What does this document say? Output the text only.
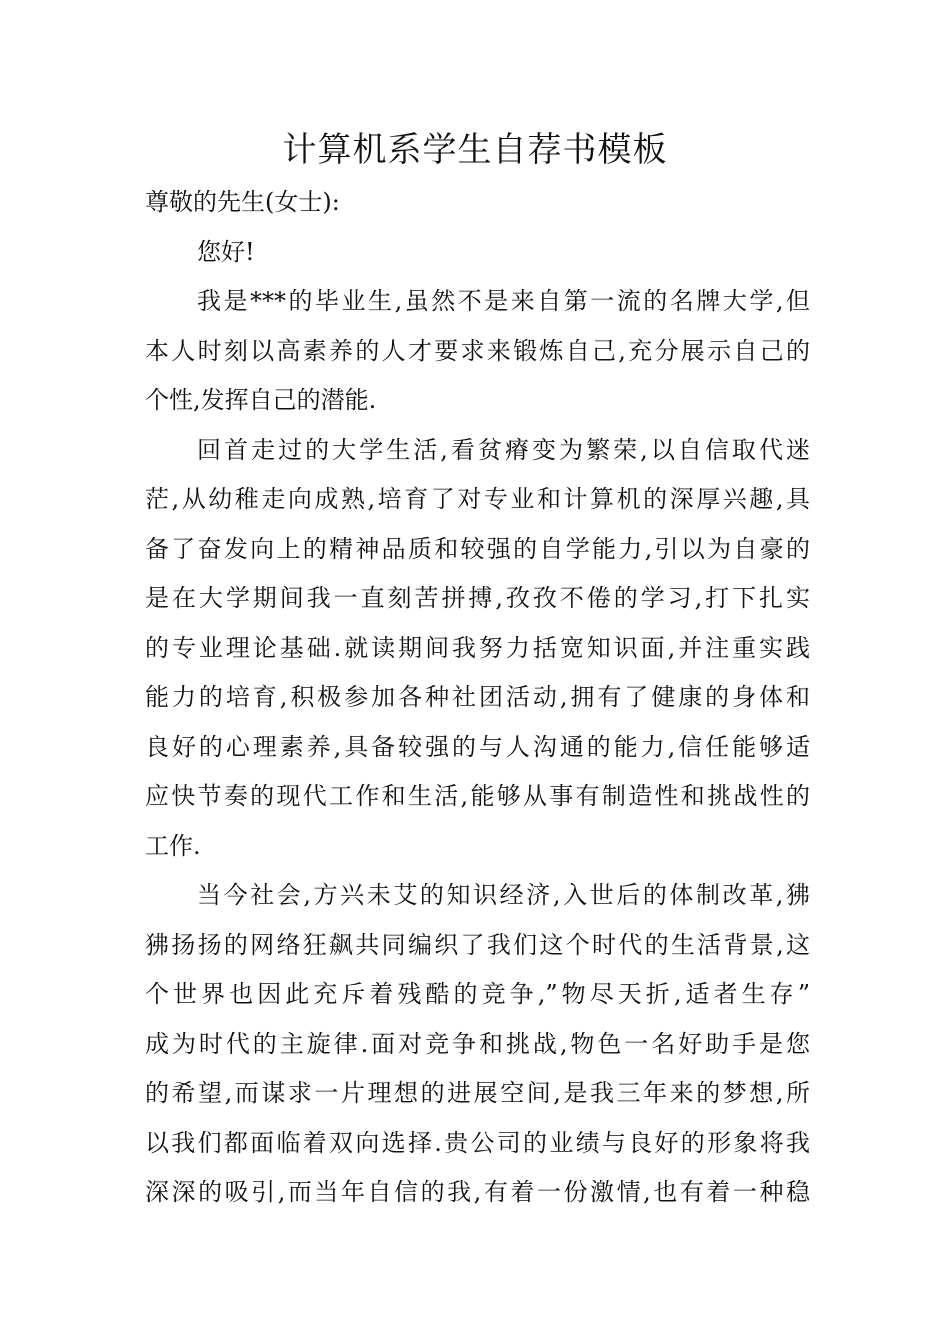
计算机系学生自荐书模板
尊敬的先生(女士):
您好!
我是***的毕业生,虽然不是来自第一流的名牌大学,但
本人时刻以高素养的人才要求来锻炼自己,充分展示自己的
个性,发挥自己的潜能.
回首走过的大学生活,看贫瘠变为繁荣,以自信取代迷
茫,从幼稚走向成熟,培育了对专业和计算机的深厚兴趣,具
备了奋发向上的精神品质和较强的自学能力,引以为自豪的
是在大学期间我一直刻苦拼搏,孜孜不倦的学习,打下扎实
的专业理论基础.就读期间我努力括宽知识面,并注重实践
能力的培育,积极参加各种社团活动,拥有了健康的身体和
良好的心理素养,具备较强的与人沟通的能力,信任能够适
应快节奏的现代工作和生活,能够从事有制造性和挑战性的
工作.
当今社会,方兴未艾的知识经济,入世后的体制改革,狒
狒扬扬的网络狂飙共同编织了我们这个时代的生活背景,这
个世界也因此充斥着残酷的竞争,”物尽天折,适者生存”
成为时代的主旋律.面对竞争和挑战,物色一名好助手是您
的希望,而谋求一片理想的进展空间,是我三年来的梦想,所
以我们都面临着双向选择.贵公司的业绩与良好的形象将我
深深的吸引,而当年自信的我,有着一份激情,也有着一种稳
